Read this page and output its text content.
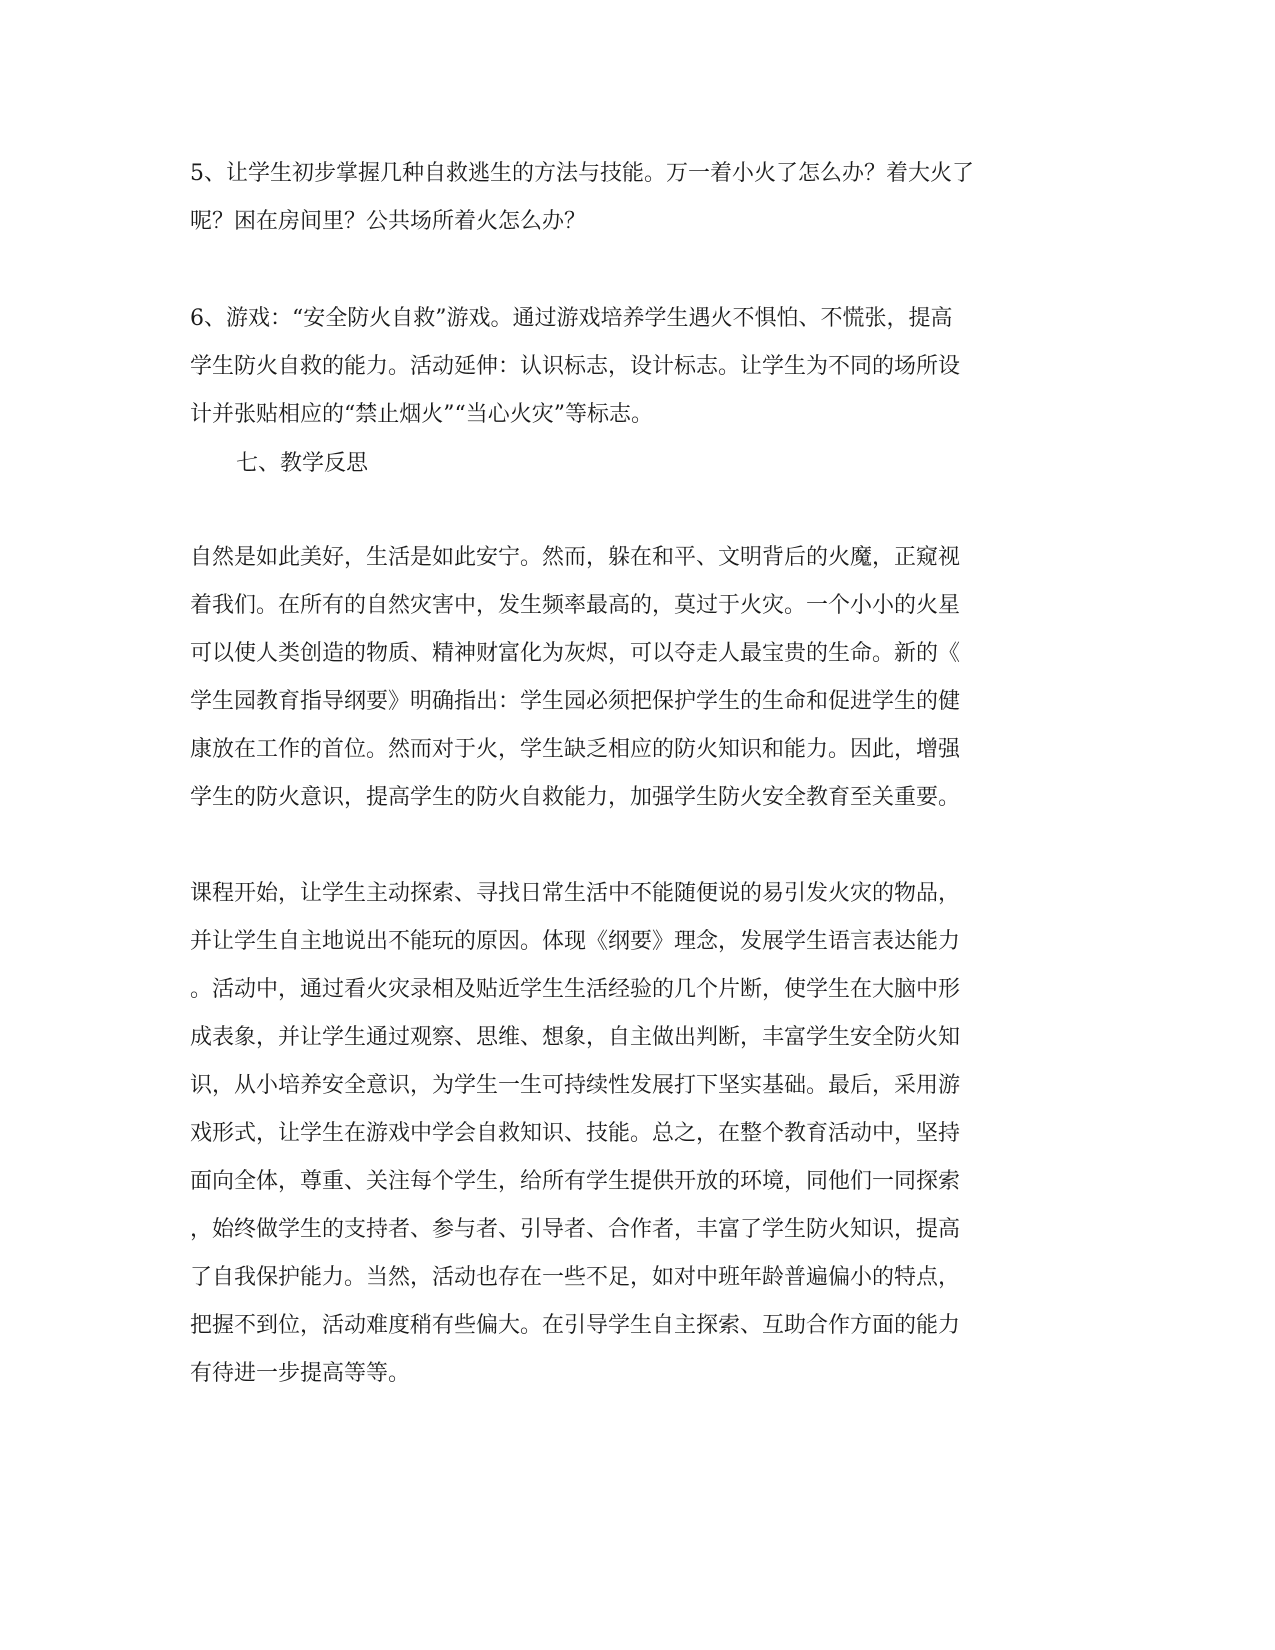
5、让学生初步掌握几种自救逃生的方法与技能。万一着小火了怎么办？着大火了
呢？困在房间里？公共场所着火怎么办？

6、游戏：“安全防火自救”游戏。通过游戏培养学生遇火不惧怕、不慌张，提高
学生防火自救的能力。活动延伸：认识标志，设计标志。让学生为不同的场所设
计并张贴相应的“禁止烟火”“当心火灾”等标志。

七、教学反思

自然是如此美好，生活是如此安宁。然而，躲在和平、文明背后的火魔，正窥视
着我们。在所有的自然灾害中，发生频率最高的，莫过于火灾。一个小小的火星
可以使人类创造的物质、精神财富化为灰烬，可以夺走人最宝贵的生命。新的《
学生园教育指导纲要》明确指出：学生园必须把保护学生的生命和促进学生的健
康放在工作的首位。然而对于火，学生缺乏相应的防火知识和能力。因此，增强
学生的防火意识，提高学生的防火自救能力，加强学生防火安全教育至关重要。

课程开始，让学生主动探索、寻找日常生活中不能随便说的易引发火灾的物品，
并让学生自主地说出不能玩的原因。体现《纲要》理念，发展学生语言表达能力
。活动中，通过看火灾录相及贴近学生生活经验的几个片断，使学生在大脑中形
成表象，并让学生通过观察、思维、想象，自主做出判断，丰富学生安全防火知
识，从小培养安全意识，为学生一生可持续性发展打下坚实基础。最后，采用游
戏形式，让学生在游戏中学会自救知识、技能。总之，在整个教育活动中，坚持
面向全体，尊重、关注每个学生，给所有学生提供开放的环境，同他们一同探索
，始终做学生的支持者、参与者、引导者、合作者，丰富了学生防火知识，提高
了自我保护能力。当然，活动也存在一些不足，如对中班年龄普遍偏小的特点，
把握不到位，活动难度稍有些偏大。在引导学生自主探索、互助合作方面的能力
有待进一步提高等等。
